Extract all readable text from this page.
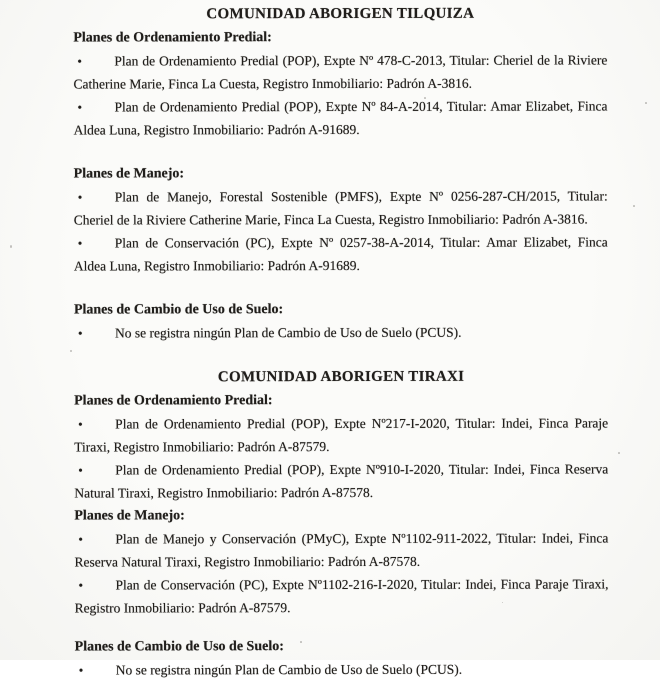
COMUNIDAD ABORIGEN TILQUIZA
Planes de Ordenamiento Predial:

• Plan de Ordenamiento Predial (POP), Expte Nº 478-C-2013, Titular: Cheriel de la Riviere Catherine Marie, Finca La Cuesta, Registro Inmobiliario: Padrón A-3816.

• Plan de Ordenamiento Predial (POP), Expte Nº 84-A-2014, Titular: Amar Elizabet, Finca Aldea Luna, Registro Inmobiliario: Padrón A-91689.

Planes de Manejo:

• Plan de Manejo, Forestal Sostenible (PMFS), Expte Nº 0256-287-CH/2015, Titular: Cheriel de la Riviere Catherine Marie, Finca La Cuesta, Registro Inmobiliario: Padrón A-3816.

• Plan de Conservación (PC), Expte Nº 0257-38-A-2014, Titular: Amar Elizabet, Finca Aldea Luna, Registro Inmobiliario: Padrón A-91689.

Planes de Cambio de Uso de Suelo:

• No se registra ningún Plan de Cambio de Uso de Suelo (PCUS).

COMUNIDAD ABORIGEN TIRAXI
Planes de Ordenamiento Predial:

• Plan de Ordenamiento Predial (POP), Expte Nº217-I-2020, Titular: Indei, Finca Paraje Tiraxi, Registro Inmobiliario: Padrón A-87579.

• Plan de Ordenamiento Predial (POP), Expte Nº910-I-2020, Titular: Indei, Finca Reserva Natural Tiraxi, Registro Inmobiliario: Padrón A-87578.

Planes de Manejo:

• Plan de Manejo y Conservación (PMyC), Expte Nº1102-911-2022, Titular: Indei, Finca Reserva Natural Tiraxi, Registro Inmobiliario: Padrón A-87578.

• Plan de Conservación (PC), Expte Nº1102-216-I-2020, Titular: Indei, Finca Paraje Tiraxi, Registro Inmobiliario: Padrón A-87579.

Planes de Cambio de Uso de Suelo:

• No se registra ningún Plan de Cambio de Uso de Suelo (PCUS).
